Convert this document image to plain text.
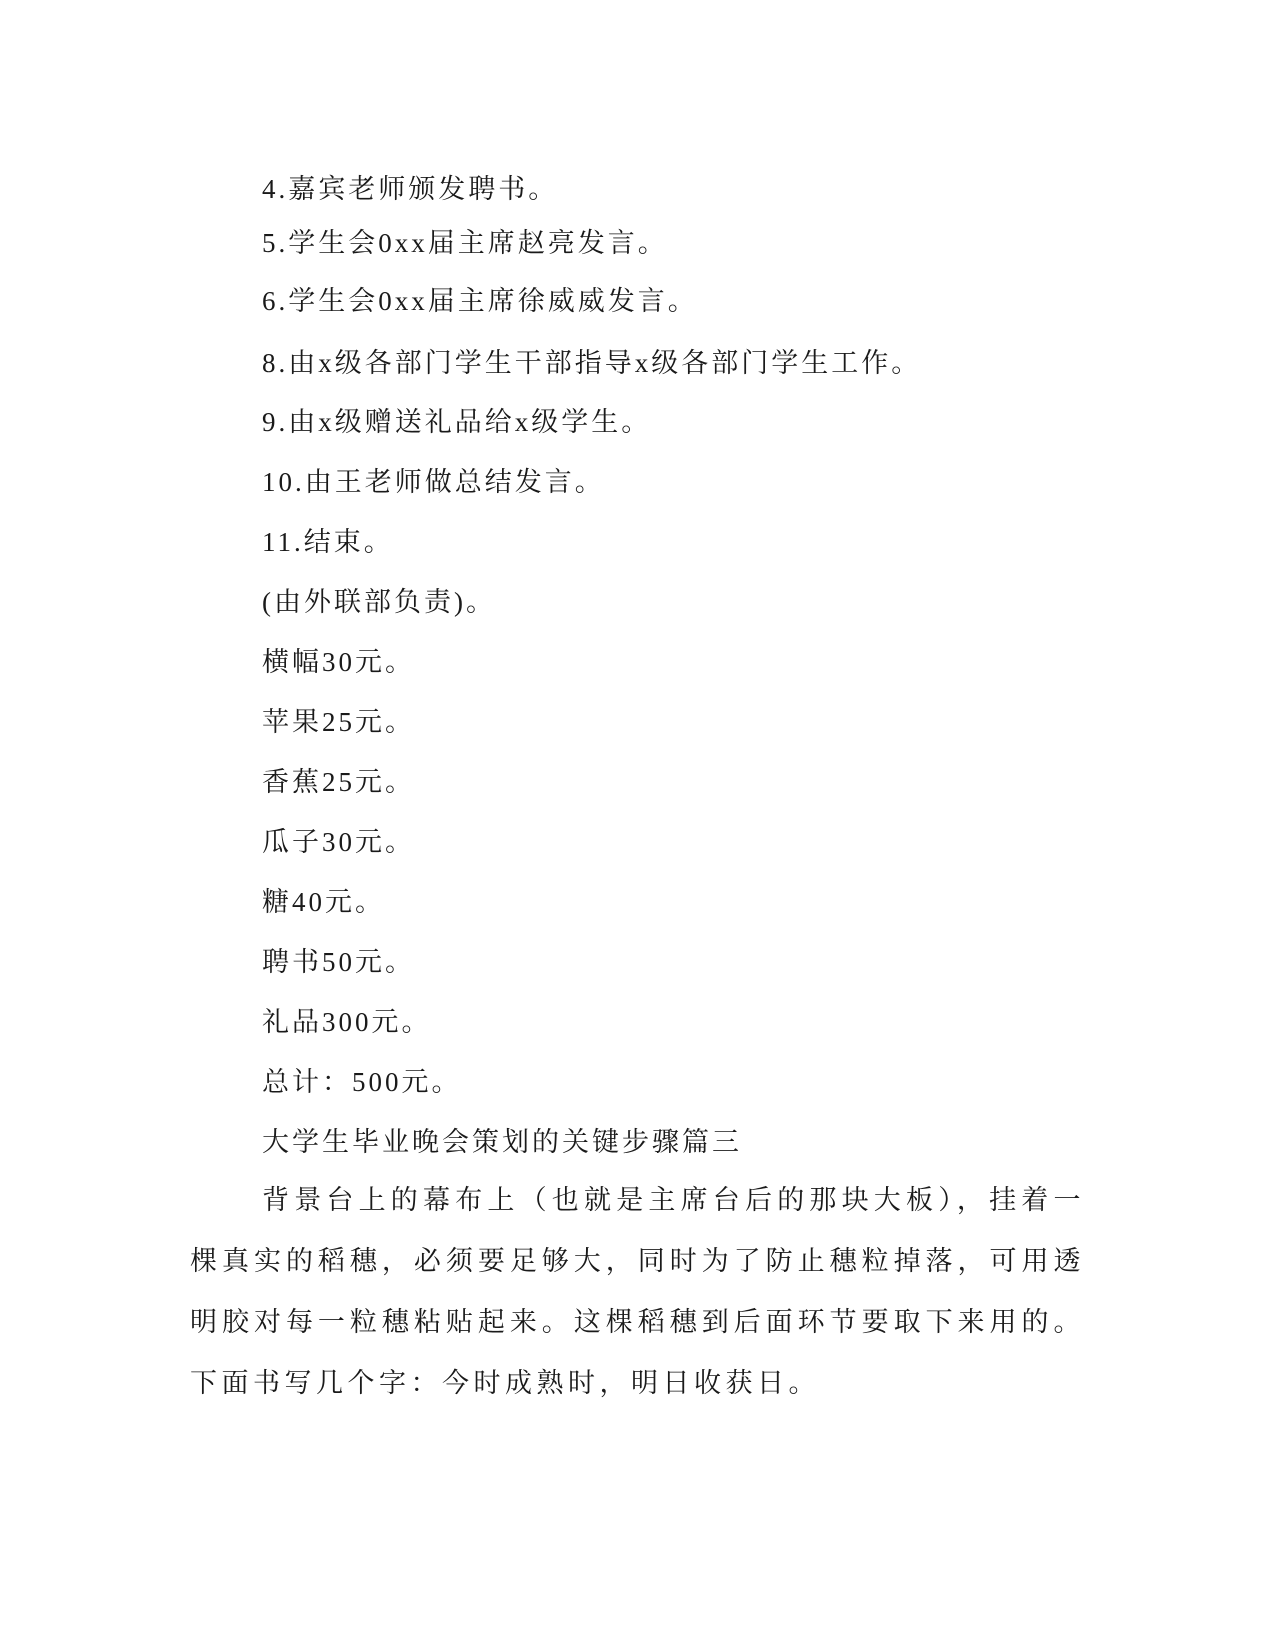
4.嘉宾老师颁发聘书。
5.学生会0xx届主席赵亮发言。
6.学生会0xx届主席徐威威发言。
8.由x级各部门学生干部指导x级各部门学生工作。
9.由x级赠送礼品给x级学生。
10.由王老师做总结发言。
11.结束。
(由外联部负责)。
横幅30元。
苹果25元。
香蕉25元。
瓜子30元。
糖40元。
聘书50元。
礼品300元。
总计：500元。
大学生毕业晚会策划的关键步骤篇三
背景台上的幕布上（也就是主席台后的那块大板），挂着一棵真实的稻穗，必须要足够大，同时为了防止穗粒掉落，可用透明胶对每一粒穗粘贴起来。这棵稻穗到后面环节要取下来用的。下面书写几个字：今时成熟时，明日收获日。
